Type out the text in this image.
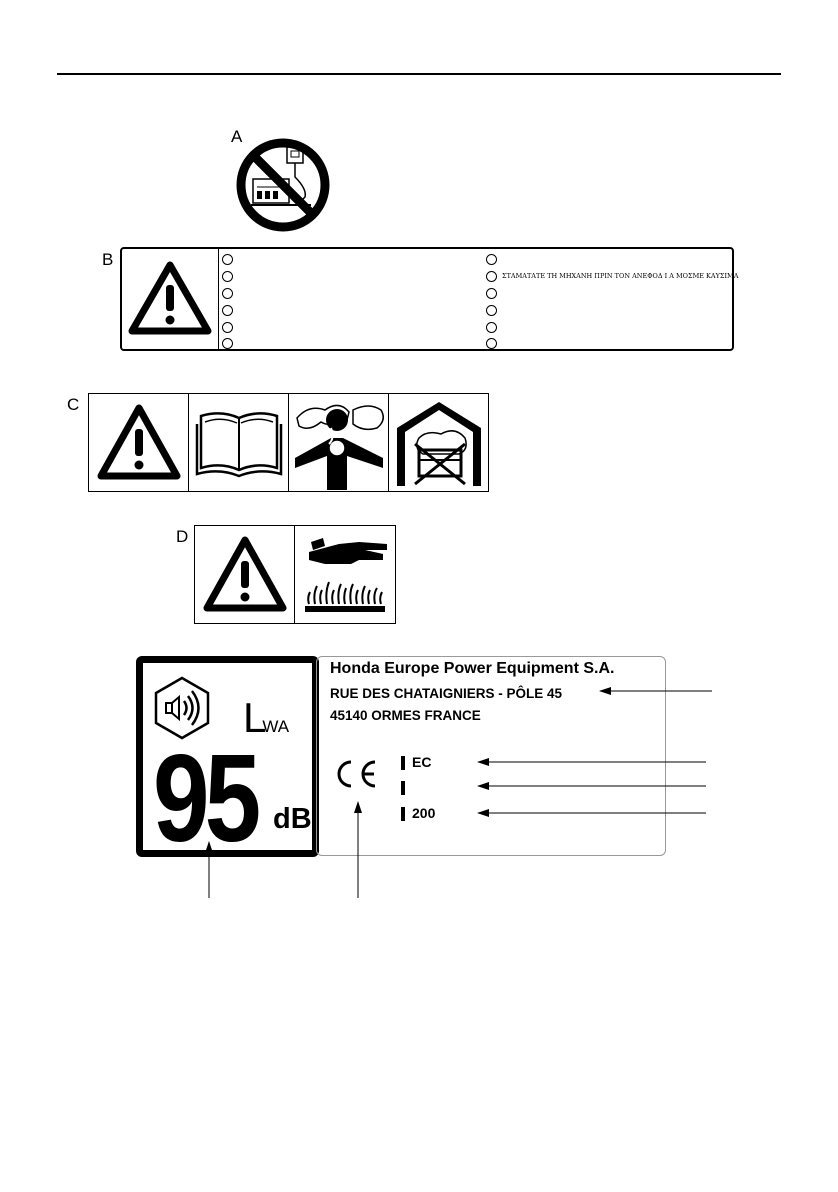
A
B
ΣΤΑΜΑΤΑΤΕ ΤΗ ΜΗΧΑΝΗ ΠΡΙΝ ΤΟΝ ΑΝΕΦΟΔ Ι Α ΜΟΣΜΕ ΚΑΥΣΙΜΑ
C
D
LWA
95 dB
Honda Europe Power Equipment S.A.
RUE DES CHATAIGNIERS - PÔLE 45
45140 ORMES FRANCE
EC
200
